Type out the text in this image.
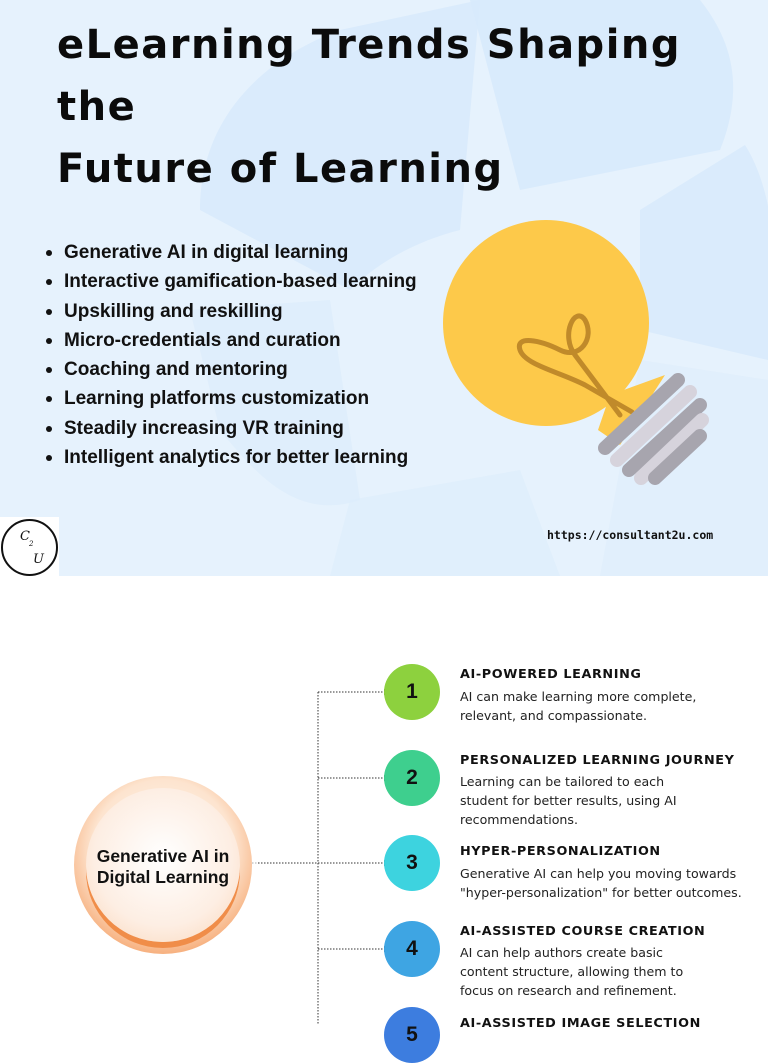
eLearning Trends Shaping the
Future of Learning
Generative AI in digital learning
Interactive gamification-based learning
Upskilling and reskilling
Micro-credentials and curation
Coaching and mentoring
Learning platforms customization
Steadily increasing VR training
Intelligent analytics for better learning
C 2
U
https://consultant2u.com
Generative AI in
Digital Learning
1
AI-POWERED LEARNING
AI can make learning more complete,
relevant, and compassionate.
2
PERSONALIZED LEARNING JOURNEY
Learning can be tailored to each
student for better results, using AI
recommendations.
3	HYPER-PERSONALIZATION
Generative AI can help you moving towards
"hyper-personalization" for better outcomes.
4
AI-ASSISTED COURSE CREATION
AI can help authors create basic
content structure, allowing them to
focus on research and refinement.
5	AI-ASSISTED IMAGE SELECTION
